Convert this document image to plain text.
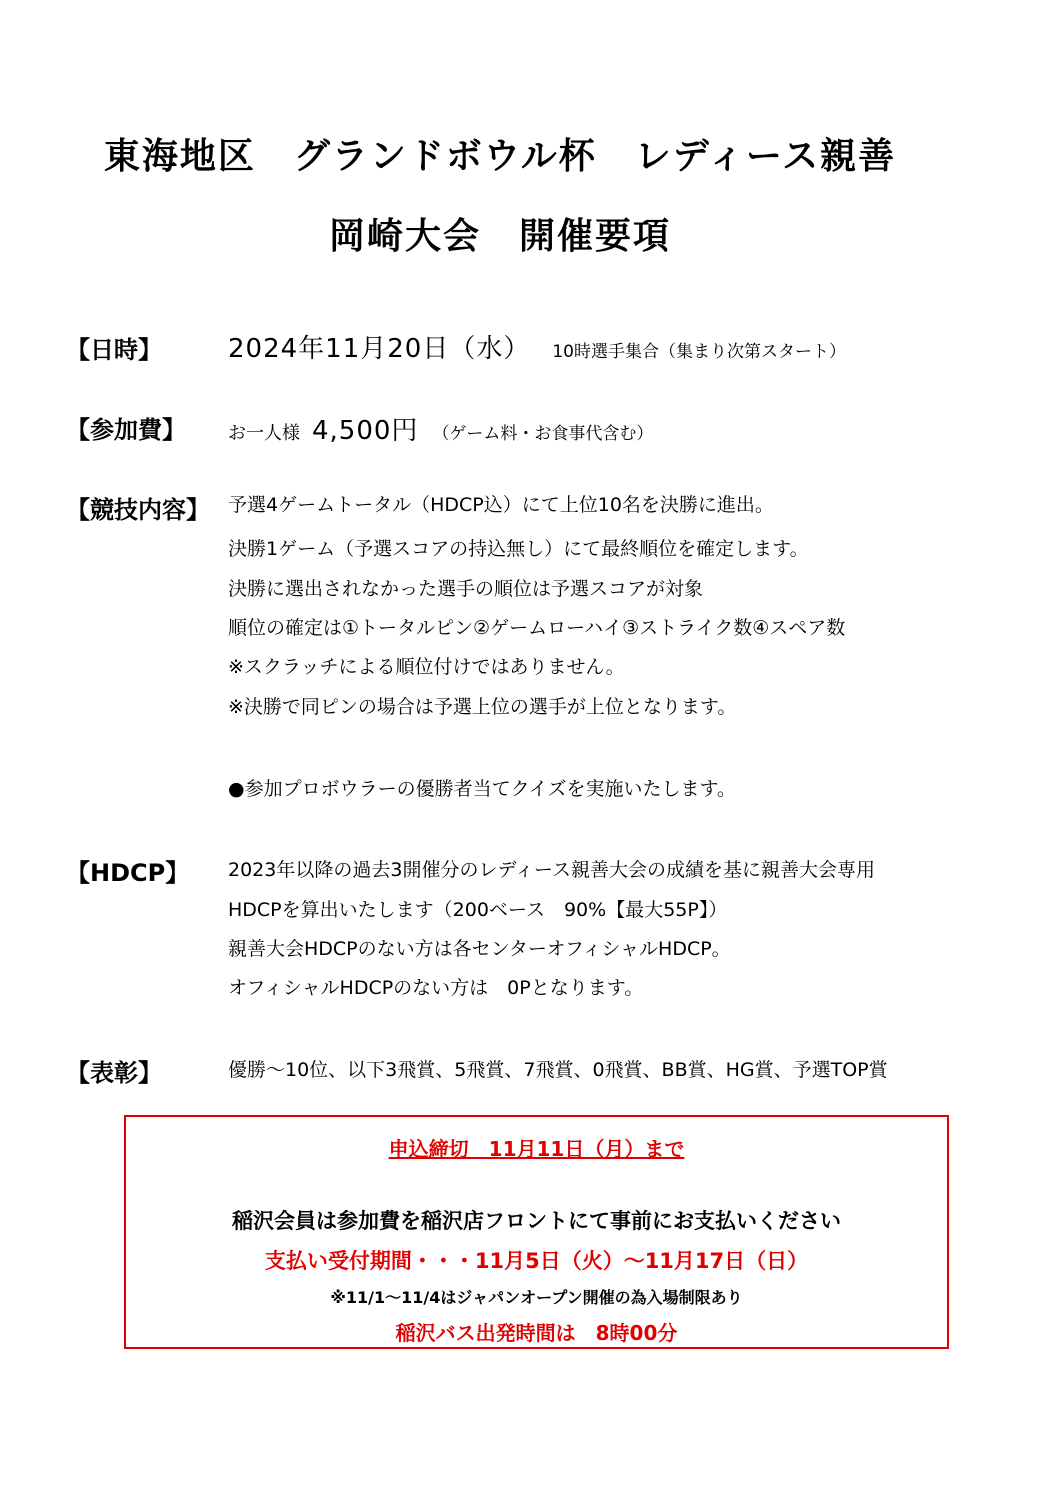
東海地区　グランドボウル杯　レディース親善
岡崎大会　開催要項
【日時】	2024年11月20日（水） 10時選手集合（集まり次第スタート）
【参加費】 お一人様 4,500円 （ゲーム料・お食事代含む）
【競技内容】 予選4ゲームトータル（HDCP込）にて上位10名を決勝に進出。
決勝1ゲーム（予選スコアの持込無し）にて最終順位を確定します。
決勝に選出されなかった選手の順位は予選スコアが対象
順位の確定は①トータルピン②ゲームローハイ③ストライク数④スペア数
※スクラッチによる順位付けではありません。
※決勝で同ピンの場合は予選上位の選手が上位となります。
●参加プロボウラーの優勝者当てクイズを実施いたします。
【HDCP】 2023年以降の過去3開催分のレディース親善大会の成績を基に親善大会専用
HDCPを算出いたします（200ベース　90%【最大55P】）
親善大会HDCPのない方は各センターオフィシャルHDCP。
オフィシャルHDCPのない方は　0Pとなります。
【表彰】	優勝～10位、以下3飛賞、5飛賞、7飛賞、0飛賞、BB賞、HG賞、予選TOP賞
申込締切　11月11日（月）まで
稲沢会員は参加費を稲沢店フロントにて事前にお支払いください
支払い受付期間・・・11月5日（火）～11月17日（日）
※11/1～11/4はジャパンオープン開催の為入場制限あり
稲沢バス出発時間は　8時00分
